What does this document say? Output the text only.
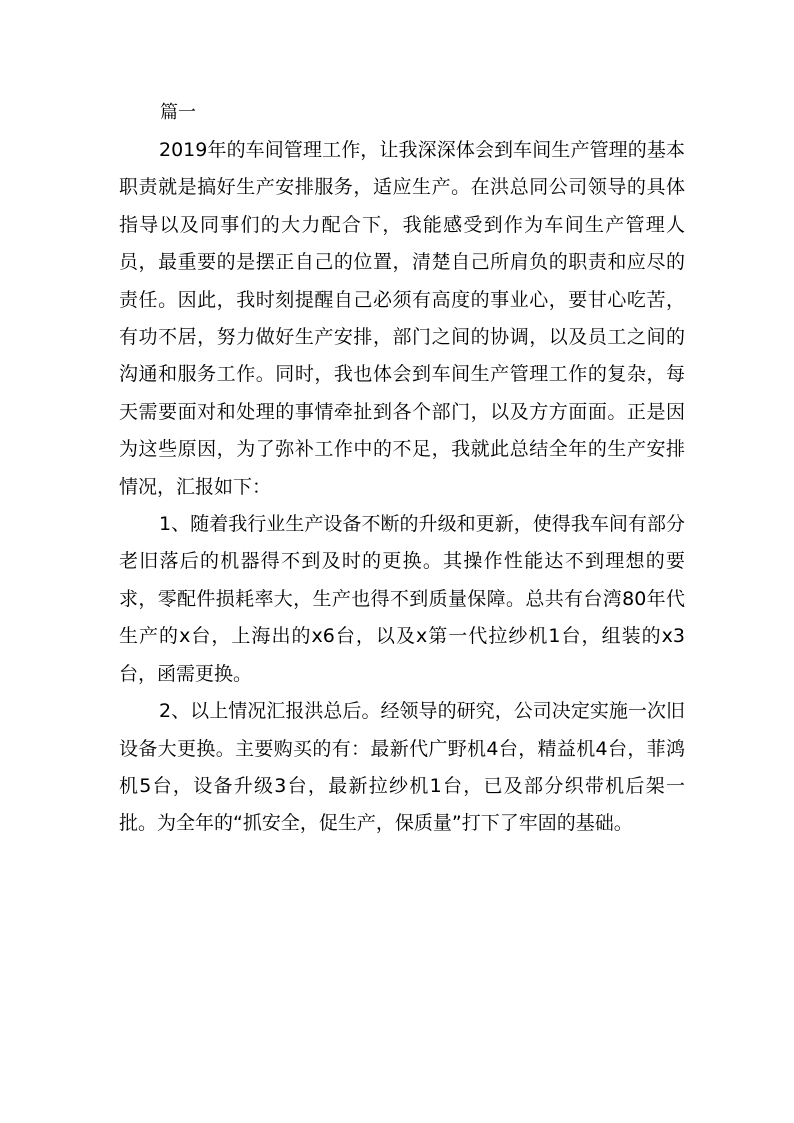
篇一

2019年的车间管理工作，让我深深体会到车间生产管理的基本职责就是搞好生产安排服务，适应生产。在洪总同公司领导的具体指导以及同事们的大力配合下，我能感受到作为车间生产管理人员，最重要的是摆正自己的位置，清楚自己所肩负的职责和应尽的责任。因此，我时刻提醒自己必须有高度的事业心，要甘心吃苦，有功不居，努力做好生产安排，部门之间的协调，以及员工之间的沟通和服务工作。同时，我也体会到车间生产管理工作的复杂，每天需要面对和处理的事情牵扯到各个部门，以及方方面面。正是因为这些原因，为了弥补工作中的不足，我就此总结全年的生产安排情况，汇报如下：

1、随着我行业生产设备不断的升级和更新，使得我车间有部分老旧落后的机器得不到及时的更换。其操作性能达不到理想的要求，零配件损耗率大，生产也得不到质量保障。总共有台湾80年代生产的x台，上海出的x6台，以及x第一代拉纱机1台，组装的x3台，函需更换。

2、以上情况汇报洪总后。经领导的研究，公司决定实施一次旧设备大更换。主要购买的有：最新代广野机4台，精益机4台，菲鸿机5台，设备升级3台，最新拉纱机1台，已及部分织带机后架一批。为全年的“抓安全，促生产，保质量”打下了牢固的基础。
